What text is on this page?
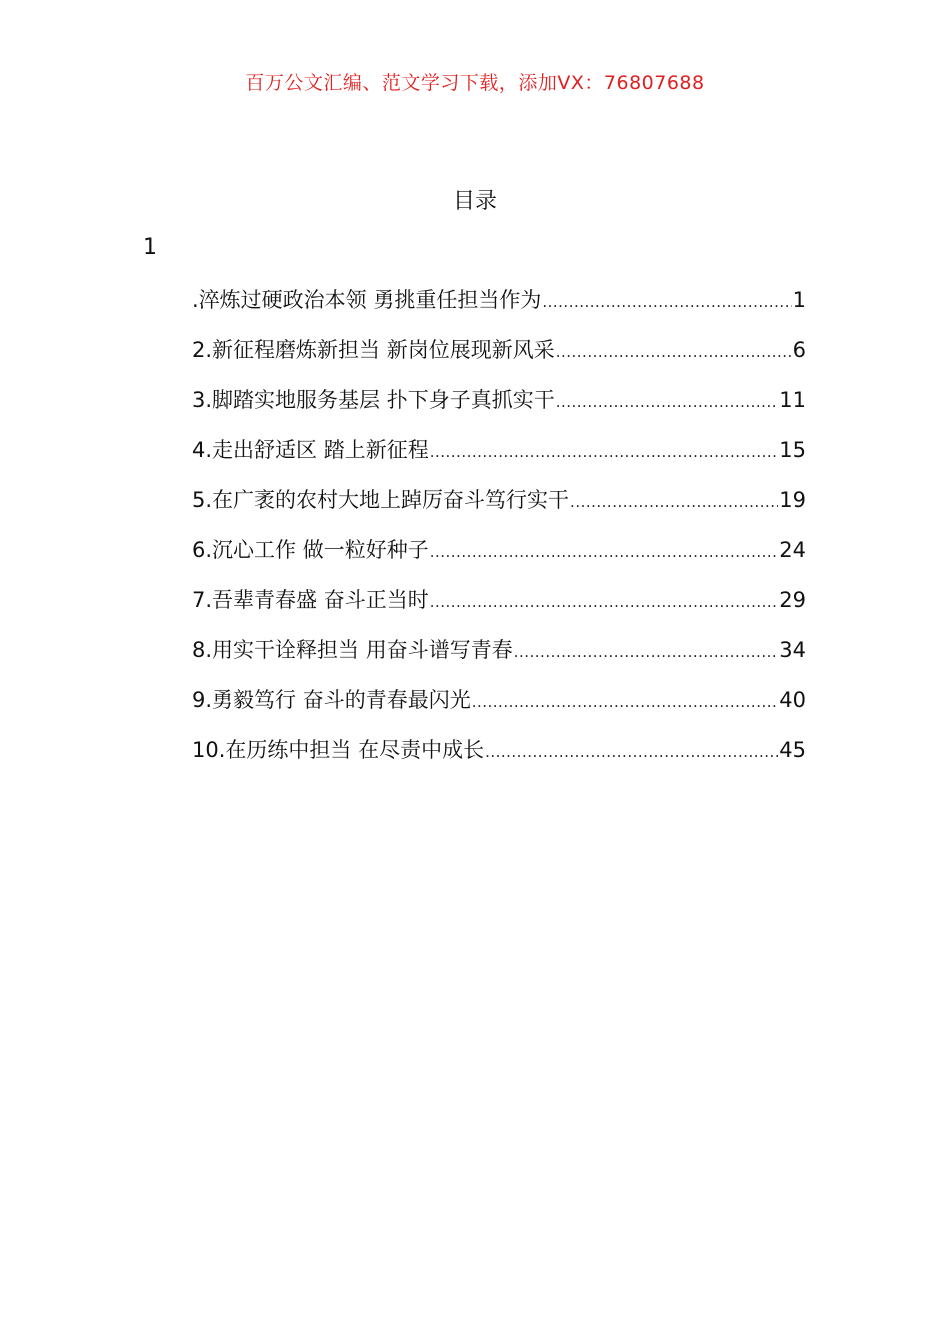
百万公文汇编、范文学习下载，添加VX：76807688
目录
1
.淬炼过硬政治本领 勇挑重任担当作为 .....	1
2.新征程磨炼新担当 新岗位展现新风采 .....	6
3.脚踏实地服务基层 扑下身子真抓实干 .....	11
4.走出舒适区 踏上新征程 .....	15
5.在广袤的农村大地上踔厉奋斗笃行实干 .....	19
6.沉心工作 做一粒好种子 .....	24
7.吾辈青春盛 奋斗正当时 .....	29
8.用实干诠释担当 用奋斗谱写青春 .....	34
9.勇毅笃行 奋斗的青春最闪光 .....	40
10.在历练中担当 在尽责中成长 .....	45
